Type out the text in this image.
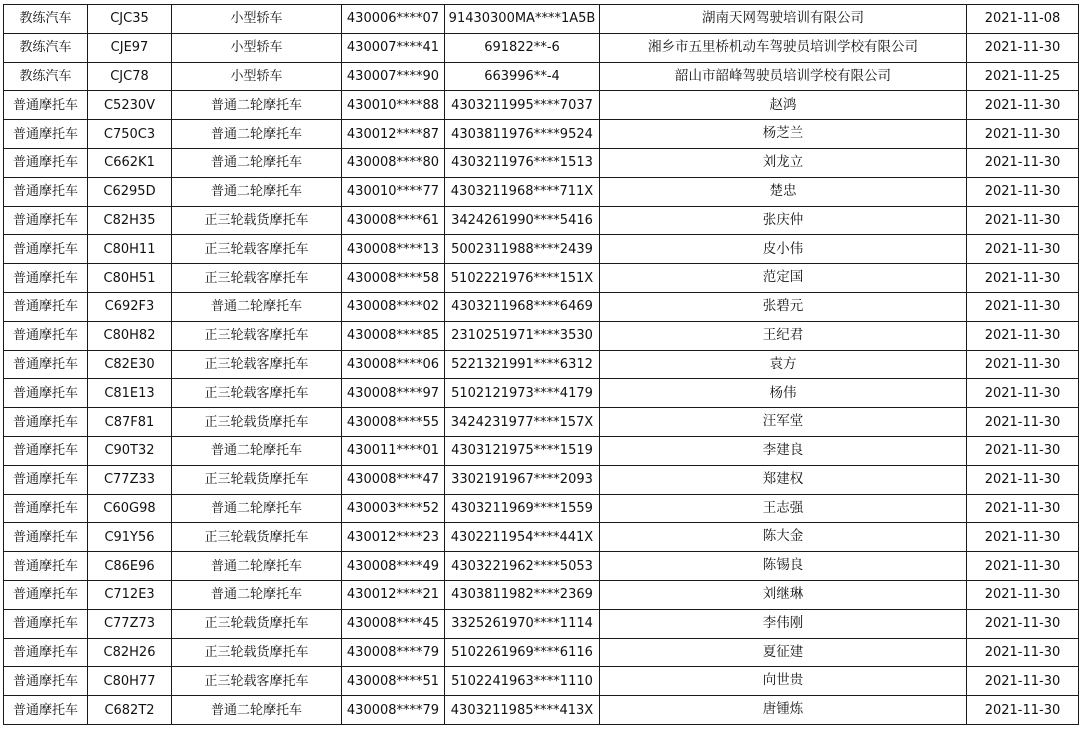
教练汽车	CJC35	小型轿车	430006****07	91430300MA****1A5B	湖南天网驾驶培训有限公司	2021-11-08
教练汽车	CJE97	小型轿车	430007****41	691822**-6	湘乡市五里桥机动车驾驶员培训学校有限公司	2021-11-30
教练汽车	CJC78	小型轿车	430007****90	663996**-4	韶山市韶峰驾驶员培训学校有限公司	2021-11-25
普通摩托车	C5230V	普通二轮摩托车	430010****88	4303211995****7037	赵鸿	2021-11-30
普通摩托车	C750C3	普通二轮摩托车	430012****87	4303811976****9524	杨芝兰	2021-11-30
普通摩托车	C662K1	普通二轮摩托车	430008****80	4303211976****1513	刘龙立	2021-11-30
普通摩托车	C6295D	普通二轮摩托车	430010****77	4303211968****711X	楚忠	2021-11-30
普通摩托车	C82H35	正三轮载货摩托车	430008****61	3424261990****5416	张庆仲	2021-11-30
普通摩托车	C80H11	正三轮载客摩托车	430008****13	5002311988****2439	皮小伟	2021-11-30
普通摩托车	C80H51	正三轮载客摩托车	430008****58	5102221976****151X	范定国	2021-11-30
普通摩托车	C692F3	普通二轮摩托车	430008****02	4303211968****6469	张碧元	2021-11-30
普通摩托车	C80H82	正三轮载客摩托车	430008****85	2310251971****3530	王纪君	2021-11-30
普通摩托车	C82E30	正三轮载客摩托车	430008****06	5221321991****6312	袁方	2021-11-30
普通摩托车	C81E13	正三轮载客摩托车	430008****97	5102121973****4179	杨伟	2021-11-30
普通摩托车	C87F81	正三轮载货摩托车	430008****55	3424231977****157X	汪军堂	2021-11-30
普通摩托车	C90T32	普通二轮摩托车	430011****01	4303121975****1519	李建良	2021-11-30
普通摩托车	C77Z33	正三轮载货摩托车	430008****47	3302191967****2093	郑建权	2021-11-30
普通摩托车	C60G98	普通二轮摩托车	430003****52	4303211969****1559	王志强	2021-11-30
普通摩托车	C91Y56	正三轮载货摩托车	430012****23	4302211954****441X	陈大金	2021-11-30
普通摩托车	C86E96	普通二轮摩托车	430008****49	4303221962****5053	陈锡良	2021-11-30
普通摩托车	C712E3	普通二轮摩托车	430012****21	4303811982****2369	刘继琳	2021-11-30
普通摩托车	C77Z73	正三轮载货摩托车	430008****45	3325261970****1114	李伟刚	2021-11-30
普通摩托车	C82H26	正三轮载货摩托车	430008****79	5102261969****6116	夏征建	2021-11-30
普通摩托车	C80H77	正三轮载客摩托车	430008****51	5102241963****1110	向世贵	2021-11-30
普通摩托车	C682T2	普通二轮摩托车	430008****79	4303211985****413X	唐锺炼	2021-11-30
